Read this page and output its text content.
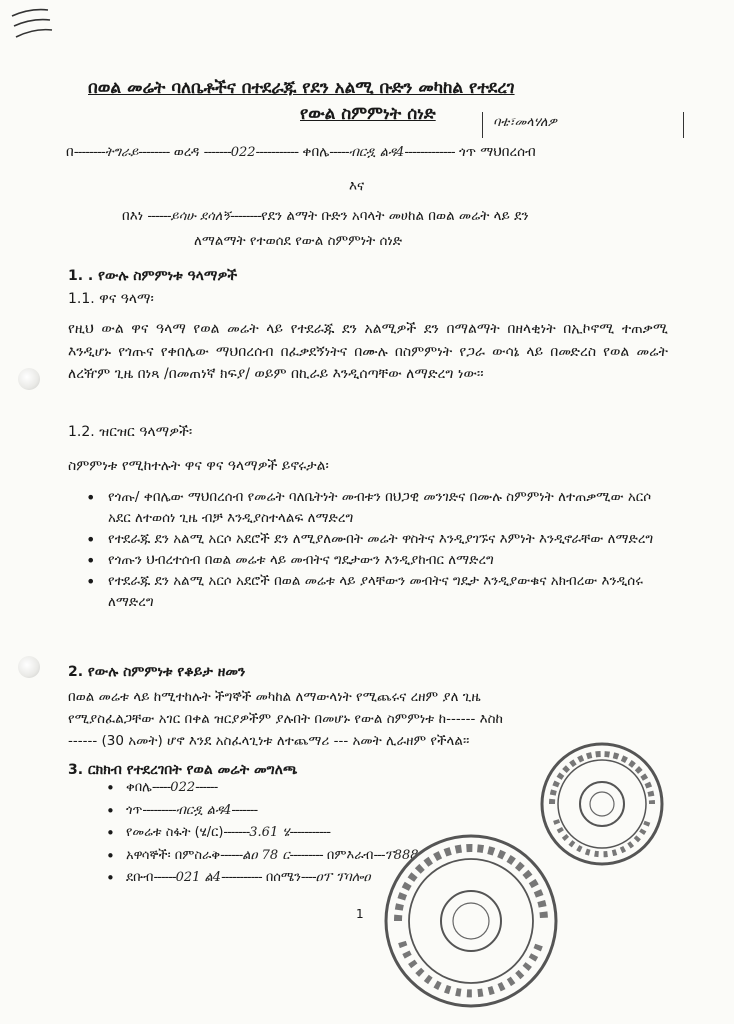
በወል መሬት ባለቤቶችና በተደራጁ የደን አልሚ ቡድን መካከል የተደረገ
የውል ስምምነት ሰነድ	ባቴ፣መላሃለዎ
በ--------ትግራይ-------- ወረዳ -------022----------- ቀበሌ-----ብርዷ ልዳ4------------- ጎጥ ማህበረሰብ
እና
በእነ ------ይሳሁ ደሳለኝ--------የደን ልማት ቡድን አባላት መሀከል በወል መሬት ላይ ደን
ለማልማት የተወሰደ የውል ስምምነት ሰነድ
1. . የውሉ ስምምነቱ ዓላማዎች
1.1. ዋና ዓላማ፡
የዚህ ውል ዋና ዓላማ የወል መሬት ላይ የተደራጁ ደን አልሚዎች ደን በማልማት በዘላቂነት በኢኮኖሚ ተጠቃሚ እንዲሆኑ የጎጡና የቀበሌው ማህበረሰብ በፈቃደኝነትና በሙሉ በስምምነት የጋራ ውሳኔ ላይ በመድረስ የወል መሬት ለረዥም ጊዜ በነጻ /በመጠነኛ ክፍያ/ ወይም በኪራይ እንዲሰጣቸው ለማድረግ ነው፡፡
1.2. ዝርዝር ዓላማዎች፡
ስምምነቱ የሚከተሉት ዋና ዋና ዓላማዎች ይኖሩታል፡
• የጎጡ/ ቀበሌው ማህበረሰብ የመሬት ባለቤትነት መብቱን በህጋዊ መንገድና በሙሉ ስምምነት ለተጠቃሚው አርሶ አደር ለተወሰነ ጊዜ ብቻ እንዲያስተላልፍ ለማድረግ
• የተደራጁ ደን አልሚ አርሶ አደሮች ደን ለሚያለሙበት መሬት ዋስትና እንዲያገኙና እምነት እንዲኖራቸው ለማድረግ
• የጎጡን ህብረተሰብ በወል መሬቱ ላይ መብትና ግዴታውን እንዲያከብር ለማድረግ
• የተደራጁ ደን አልሚ አርሶ አደሮች በወል መሬቱ ላይ ያላቸውን መብትና ግዴታ እንዲያውቁና አክብረው እንዲሰሩ ለማድረግ
2. የውሉ ስምምነቱ የቆይታ ዘመን
በወል መሬቱ ላይ ከሚተከሉት ችግኞች መካከል ለማውላነት የሚጨሩና ረዘም ያለ ጊዜ
የሚያስፈልጋቸው አገር በቀል ዝርያዎችም ያሉበት በመሆኑ የውል ስምምነቱ ከ------ እስከ
------ (30 አመት) ሆኖ እንደ አስፈላጊነቱ ለተጨማሪ --- አመት ሊራዘም የችላል፡፡
3. ርክክብ የተደረገበት የወል መሬት መግለጫ
• ቀበሌ-----022------
• ጎጥ---------ብርዷ ልዳ4-------
• የመሬቱ ስፋት (ሄ/ር)-------3.61 ሄ-----------
• አዋሳኞች፡ በምስራቅ------ልዐ 78 ር--------- በምእራብ---ፕ888
• ደቡብ------021 ል4----------- በሰሜን----ዐፕ ፕባሎዐ
1
